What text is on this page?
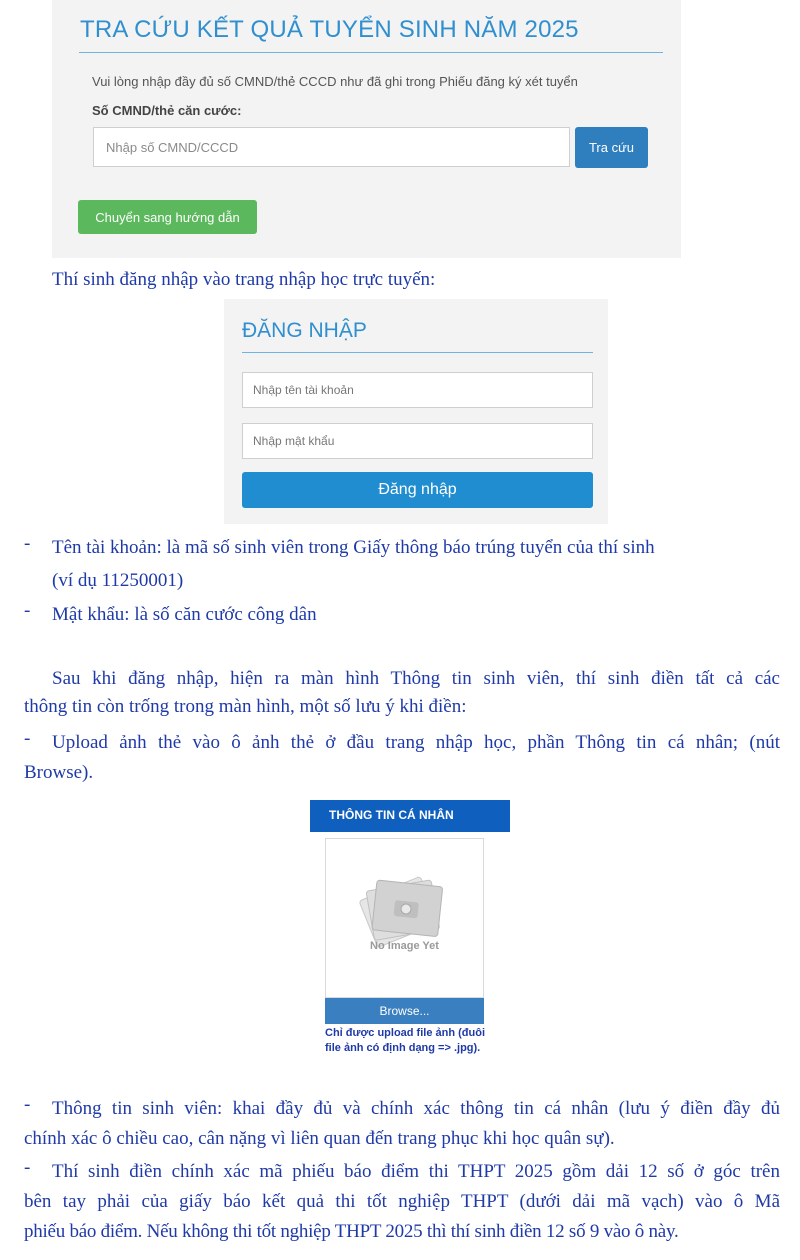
TRA CỨU KẾT QUẢ TUYỂN SINH NĂM 2025
Vui lòng nhập đầy đủ số CMND/thẻ CCCD như đã ghi trong Phiếu đăng ký xét tuyển
Số CMND/thẻ căn cước:
Nhập số CMND/CCCD
Tra cứu
Chuyển sang hướng dẫn
Thí sinh đăng nhập vào trang nhập học trực tuyến:
ĐĂNG NHẬP
Nhập tên tài khoản
Đăng nhập
- Tên tài khoản: là mã số sinh viên trong Giấy thông báo trúng tuyển của thí sinh
(ví dụ 11250001)
- Mật khẩu: là số căn cước công dân
Sau khi đăng nhập, hiện ra màn hình Thông tin sinh viên, thí sinh điền tất cả các
thông tin còn trống trong màn hình, một số lưu ý khi điền:
- Upload ảnh thẻ vào ô ảnh thẻ ở đầu trang nhập học, phần Thông tin cá nhân; (nút
Browse).
THÔNG TIN CÁ NHÂN
No Image Yet
Browse...
Chỉ được upload file ảnh (đuôi file ảnh có định dạng => .jpg).
- Thông tin sinh viên: khai đầy đủ và chính xác thông tin cá nhân (lưu ý điền đầy đủ
chính xác ô chiều cao, cân nặng vì liên quan đến trang phục khi học quân sự).
- Thí sinh điền chính xác mã phiếu báo điểm thi THPT 2025 gồm dải 12 số ở góc trên
bên tay phải của giấy báo kết quả thi tốt nghiệp THPT (dưới dải mã vạch) vào ô Mã
phiếu báo điểm. Nếu không thi tốt nghiệp THPT 2025 thì thí sinh điền 12 số 9 vào ô này.
